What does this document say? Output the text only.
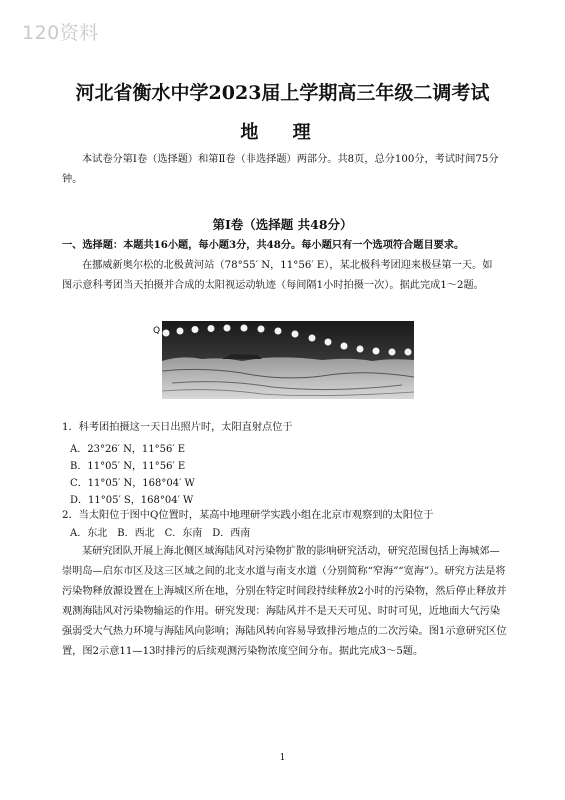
120资料
河北省衡水中学2023届上学期高三年级二调考试
地 理
本试卷分第Ⅰ卷（选择题）和第Ⅱ卷（非选择题）两部分。共8页，总分100分，考试时间75分钟。
第Ⅰ卷（选择题 共48分）
一、选择题：本题共16小题，每小题3分，共48分。每小题只有一个选项符合题目要求。
在挪威新奥尔松的北极黄河站（78°55′ N，11°56′ E），某北极科考团迎来极昼第一天。如图示意科考团当天拍摄并合成的太阳视运动轨迹（每间隔1小时拍摄一次）。据此完成1～2题。
Q
1．科考团拍摄这一天日出照片时，太阳直射点位于
A．23°26′ N，11°56′ E
B．11°05′ N，11°56′ E
C．11°05′ N，168°04′ W
D．11°05′ S，168°04′ W
2．当太阳位于图中Q位置时，某高中地理研学实践小组在北京市观察到的太阳位于
A．东北　B．西北　C．东南　D．西南
某研究团队开展上海北侧区域海陆风对污染物扩散的影响研究活动，研究范围包括上海城郊—崇明岛—启东市区及这三区域之间的北支水道与南支水道（分别简称“窄海”“宽海”）。研究方法是将污染物释放源设置在上海城区所在地，分别在特定时间段持续释放2小时的污染物，然后停止释放并观测海陆风对污染物输运的作用。研究发现：海陆风并不是天天可见、时时可见，近地面大气污染强弱受大气热力环境与海陆风向影响；海陆风转向容易导致排污地点的二次污染。图1示意研究区位置，图2示意11—13时排污的后续观测污染物浓度空间分布。据此完成3～5题。
1
